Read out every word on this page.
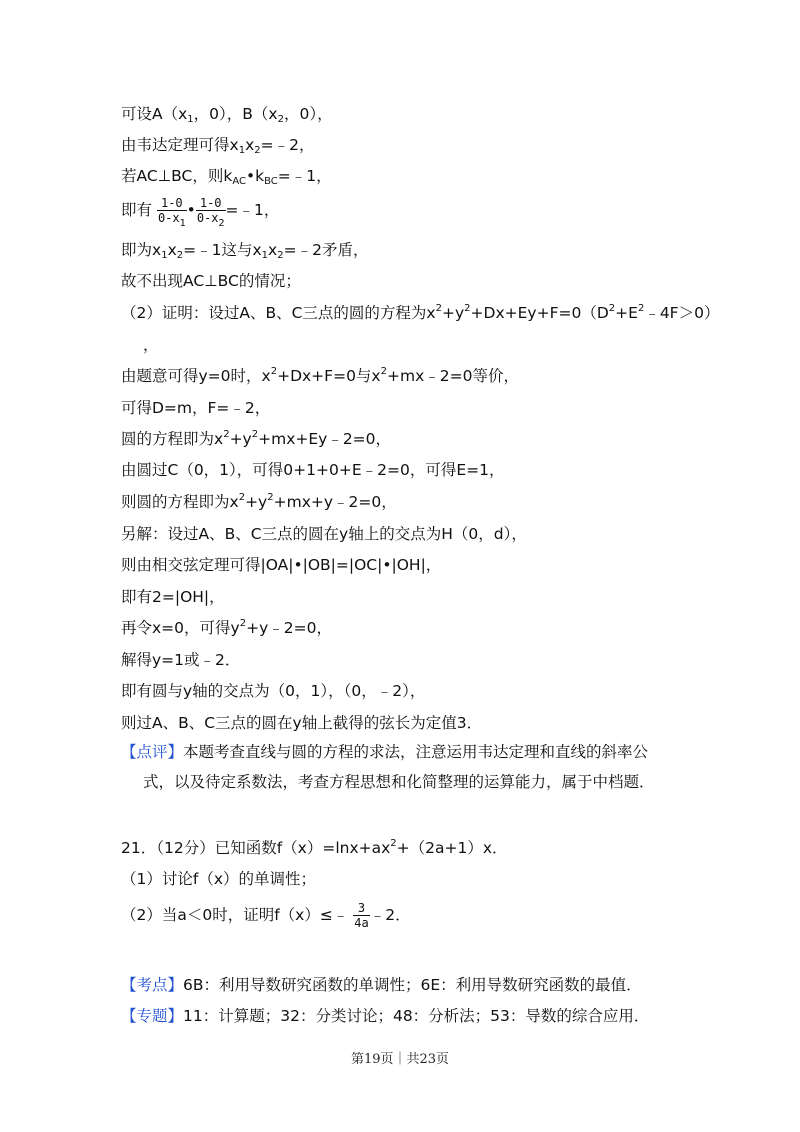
可设$A(x_1$，0），$B(x_2$，0），
由韦达定理可得$x_1x_2=﹣2$，
若AC⊥BC，则$k_{AC}•k_{BC}=﹣1$，
即有 $\frac{1-0}{0-x_1}$ • $\frac{1-0}{0-x_2}$ =﹣1，
即为$x_1x_2=﹣1$这与$x_1x_2=﹣2$矛盾，
故不出现AC⊥BC的情况；
（2）证明：设过A、B、C三点的圆的方程为$x^2+y^2+Dx+Ey+F=0(D^2+E^2﹣4F>0)$
，
由题意可得y=0时，$x^2+Dx+F=0$与$x^2+mx﹣2=0$等价，
可得D=m，F=﹣2，
圆的方程即为$x^2+y^2+mx+Ey﹣2=0$，
由圆过C（0，1），可得0+1+0+E﹣2=0，可得E=1，
则圆的方程即为$x^2+y^2+mx+y﹣2=0$，
另解：设过A、B、C三点的圆在y轴上的交点为H（0，d），
则由相交弦定理可得|OA|•|OB|=|OC|•|OH|，
即有2=|OH|，
再令x=0，可得$y^2+y﹣2=0$，
解得y=1或﹣2．
即有圆与y轴的交点为（0，1），（0，﹣2），
则过A、B、C三点的圆在y轴上截得的弦长为定值3．
【点评】本题考查直线与圆的方程的求法，注意运用韦达定理和直线的斜率公
式，以及待定系数法，考查方程思想和化简整理的运算能力，属于中档题．
21．（12分）已知函数$f(x)=\ln x+ax^2+(2a+1)x$．
（1）讨论f（x）的单调性；
（2）当a＜0时，证明f（x）≤﹣ $\frac{3}{4a}$ ﹣2．
【考点】6B：利用导数研究函数的单调性；6E：利用导数研究函数的最值．
【专题】11：计算题；32：分类讨论；48：分析法；53：导数的综合应用．
第19页｜共23页
